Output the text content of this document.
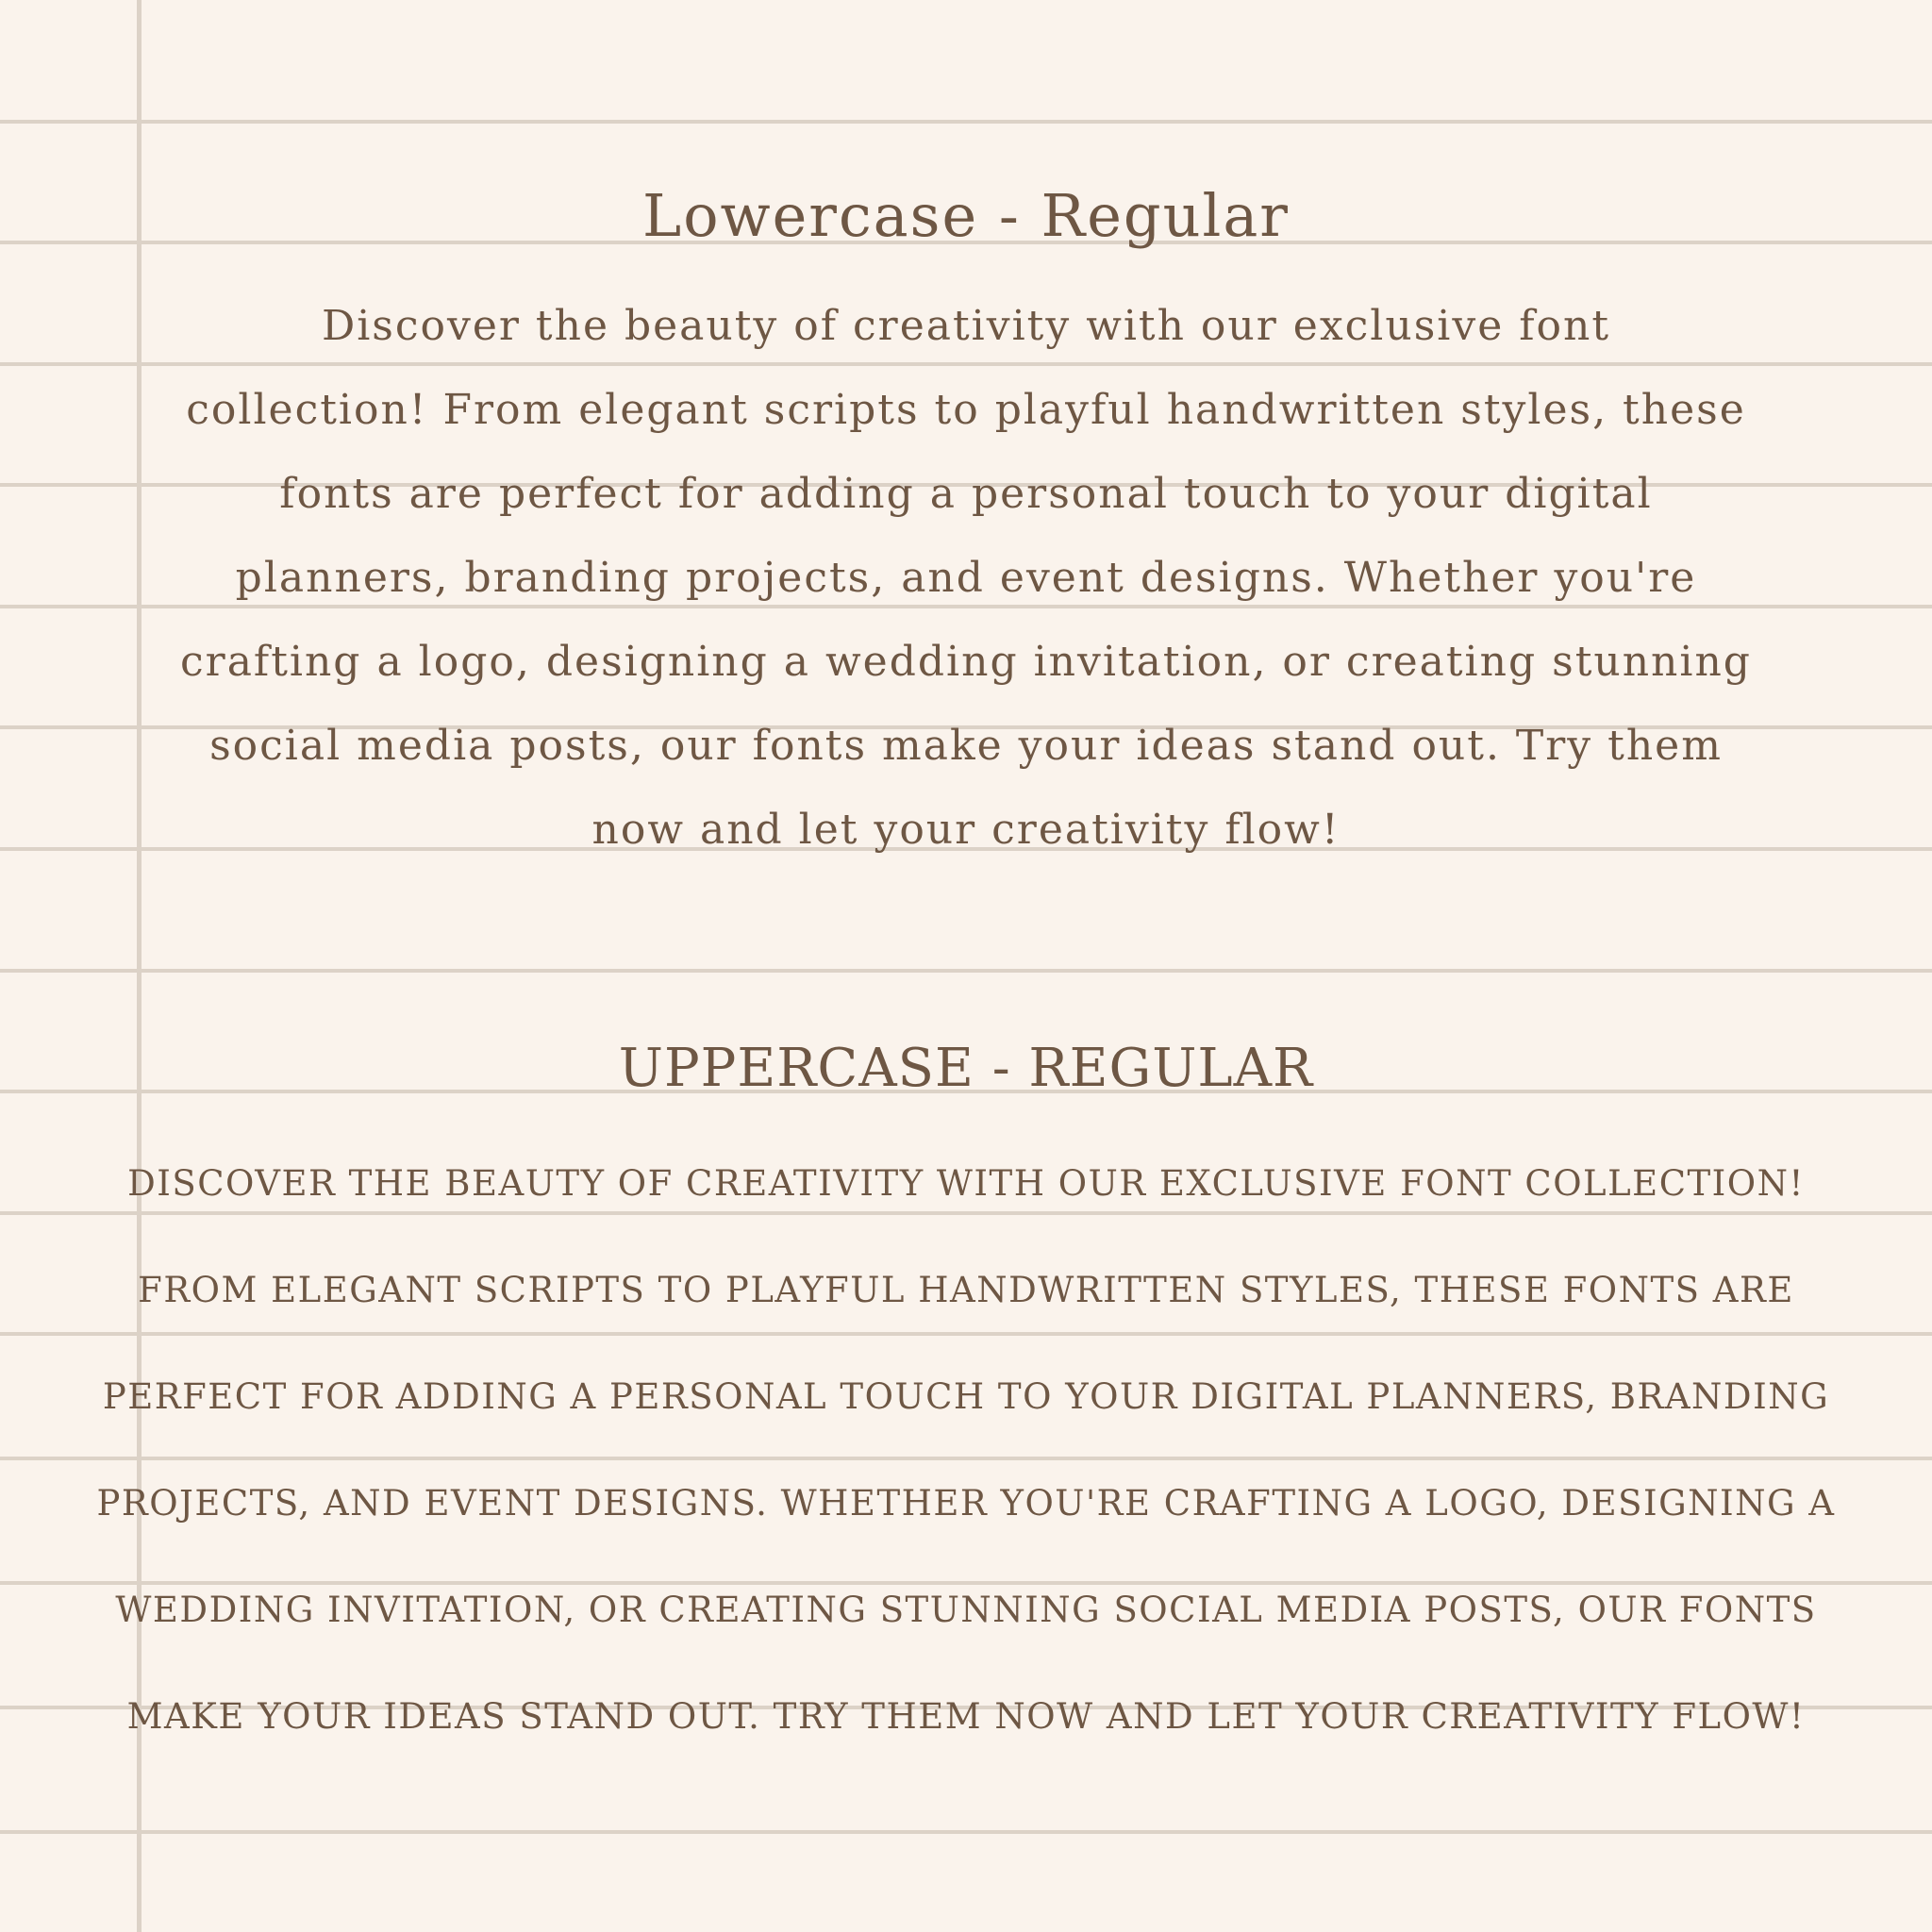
Lowercase - Regular
Discover the beauty of creativity with our exclusive font
collection! From elegant scripts to playful handwritten styles, these
fonts are perfect for adding a personal touch to your digital
planners, branding projects, and event designs. Whether you're
crafting a logo, designing a wedding invitation, or creating stunning
social media posts, our fonts make your ideas stand out. Try them
now and let your creativity flow!
UPPERCASE - REGULAR
DISCOVER THE BEAUTY OF CREATIVITY WITH OUR EXCLUSIVE FONT COLLECTION!
FROM ELEGANT SCRIPTS TO PLAYFUL HANDWRITTEN STYLES, THESE FONTS ARE
PERFECT FOR ADDING A PERSONAL TOUCH TO YOUR DIGITAL PLANNERS, BRANDING
PROJECTS, AND EVENT DESIGNS. WHETHER YOU'RE CRAFTING A LOGO, DESIGNING A
WEDDING INVITATION, OR CREATING STUNNING SOCIAL MEDIA POSTS, OUR FONTS
MAKE YOUR IDEAS STAND OUT. TRY THEM NOW AND LET YOUR CREATIVITY FLOW!
